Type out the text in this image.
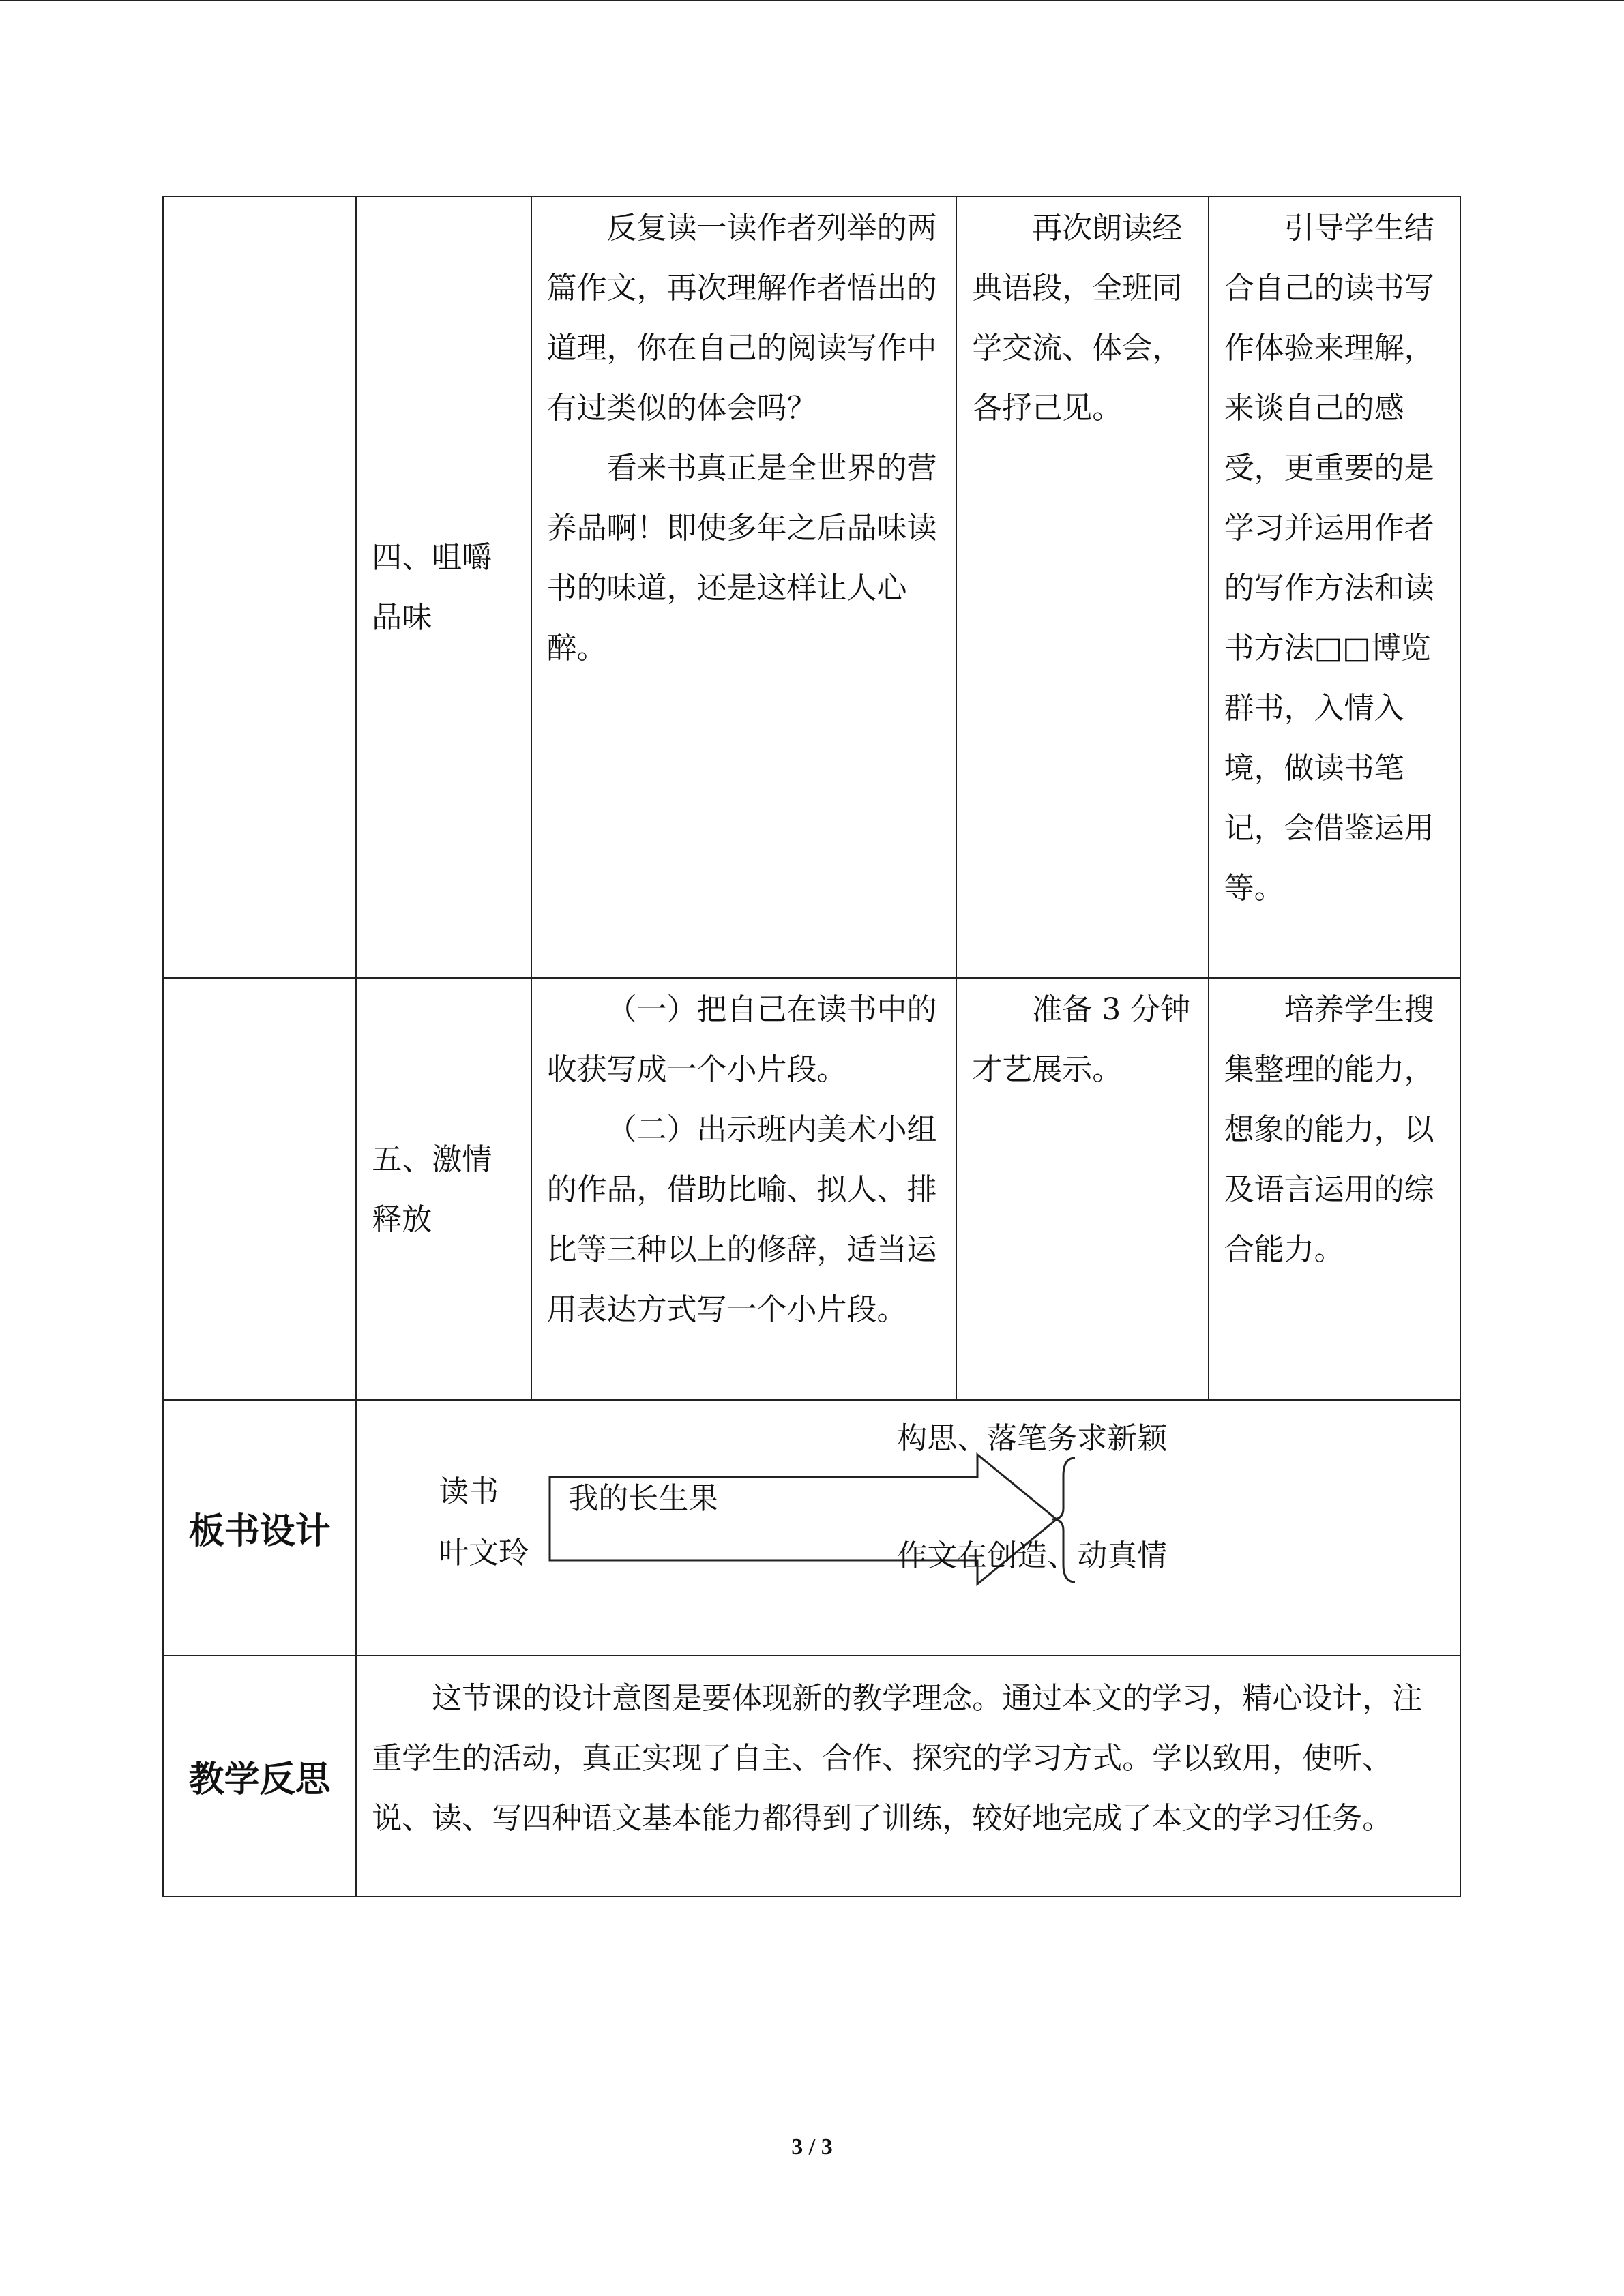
	四、咀嚼品味	反复读一读作者列举的两篇作文，再次理解作者悟出的道理，你在自己的阅读写作中有过类似的体会吗？
看来书真正是全世界的营养品啊！即使多年之后品味读书的味道，还是这样让人心醉。	再次朗读经典语段，全班同学交流、体会，各抒己见。	引导学生结合自己的读书写作体验来理解，来谈自己的感受，更重要的是学习并运用作者的写作方法和读书方法□□博览群书，入情入境，做读书笔记，会借鉴运用等。

	五、激情释放	（一）把自己在读书中的收获写成一个小片段。
（二）出示班内美术小组的作品，借助比喻、拟人、排比等三种以上的修辞，适当运用表达方式写一个小片段。	准备 3 分钟才艺展示。	培养学生搜集整理的能力，想象的能力，以及语言运用的综合能力。

板书设计	读书
叶文玲
我的长生果
构思、落笔务求新颖
作文在创造、动真情			

教学反思	这节课的设计意图是要体现新的教学理念。通过本文的学习，精心设计，注重学生的活动，真正实现了自主、合作、探究的学习方式。学以致用，使听、说、读、写四种语文基本能力都得到了训练，较好地完成了本文的学习任务。			
3 / 3
